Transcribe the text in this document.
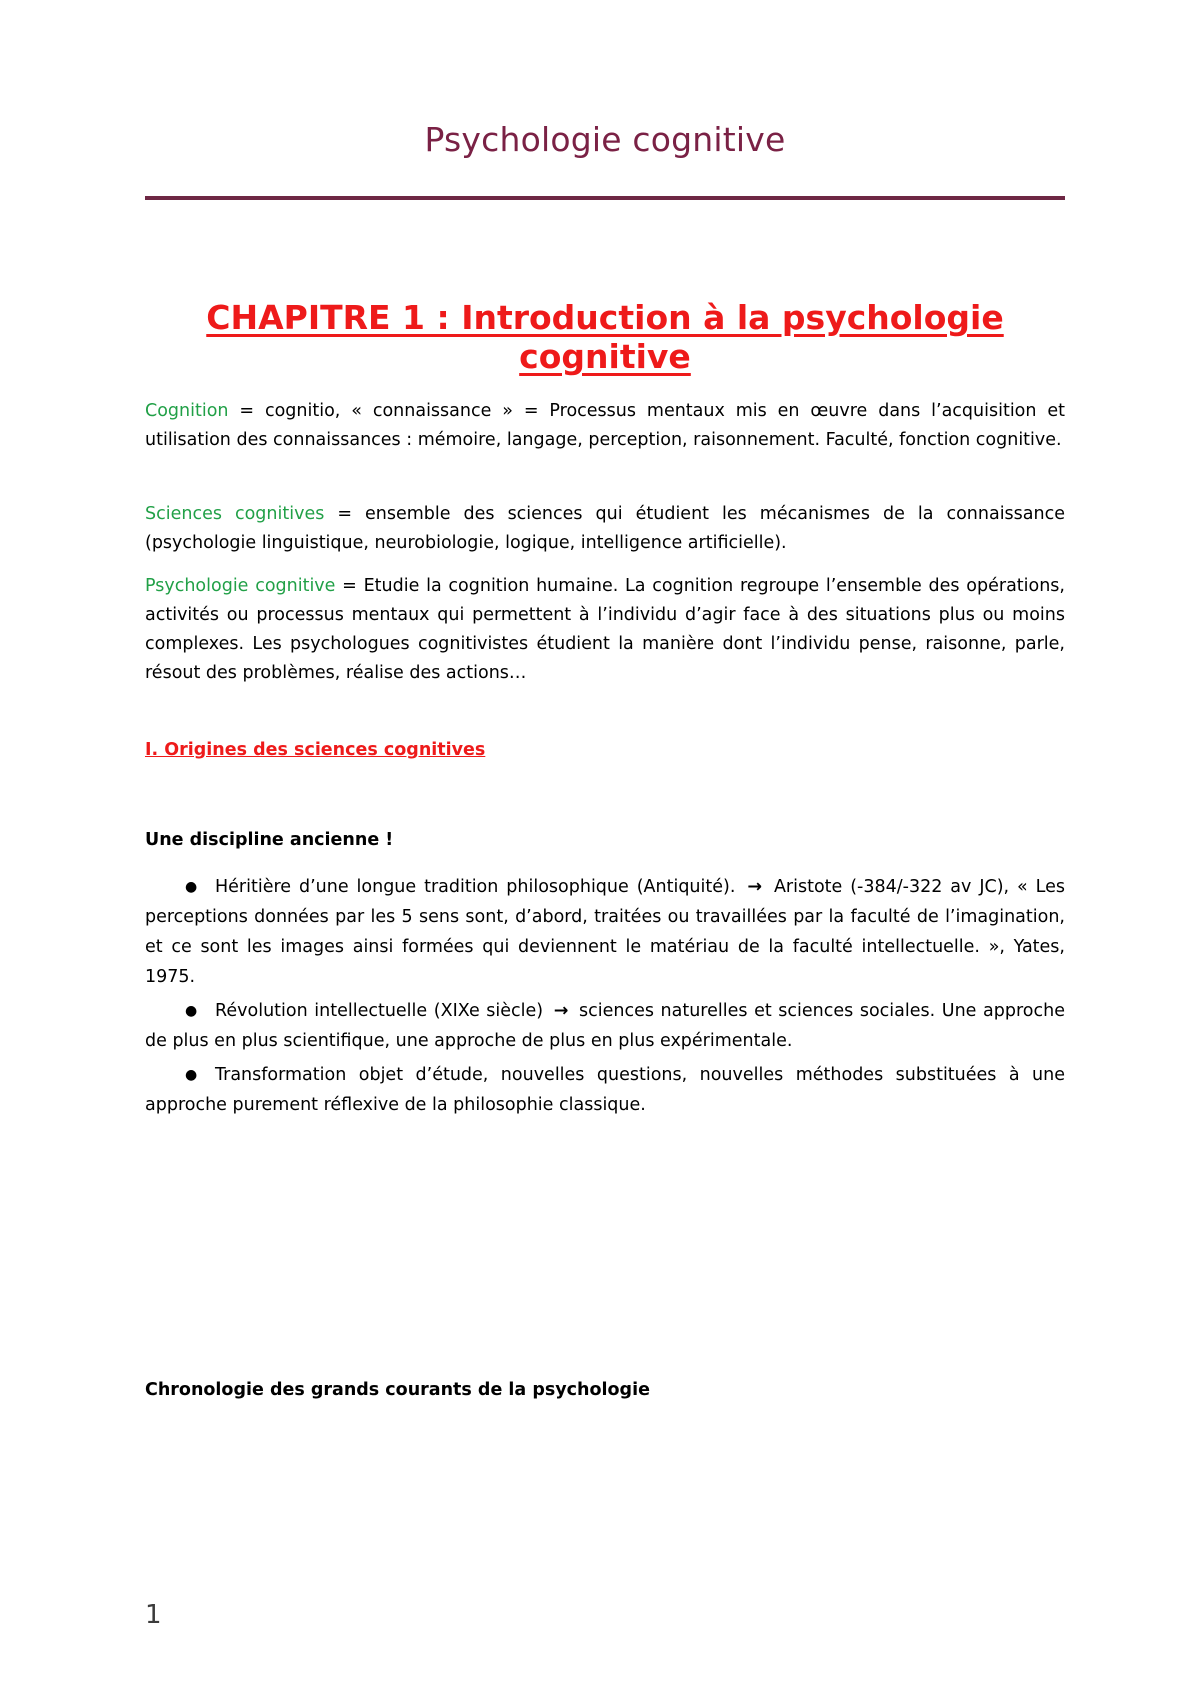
Psychologie cognitive
CHAPITRE 1 : Introduction à la psychologie cognitive
Cognition = cognitio, « connaissance » = Processus mentaux mis en œuvre dans l’acquisition et utilisation des connaissances : mémoire, langage, perception, raisonnement. Faculté, fonction cognitive.
Sciences cognitives = ensemble des sciences qui étudient les mécanismes de la connaissance (psychologie linguistique, neurobiologie, logique, intelligence artificielle).
Psychologie cognitive = Etudie la cognition humaine. La cognition regroupe l’ensemble des opérations, activités ou processus mentaux qui permettent à l’individu d’agir face à des situations plus ou moins complexes. Les psychologues cognitivistes étudient la manière dont l’individu pense, raisonne, parle, résout des problèmes, réalise des actions…
I. Origines des sciences cognitives
Une discipline ancienne !
● Héritière d’une longue tradition philosophique (Antiquité). → Aristote (-384/-322 av JC), « Les perceptions données par les 5 sens sont, d’abord, traitées ou travaillées par la faculté de l’imagination, et ce sont les images ainsi formées qui deviennent le matériau de la faculté intellectuelle. », Yates, 1975.
● Révolution intellectuelle (XIXe siècle) → sciences naturelles et sciences sociales. Une approche de plus en plus scientifique, une approche de plus en plus expérimentale.
● Transformation objet d’étude, nouvelles questions, nouvelles méthodes substituées à une approche purement réflexive de la philosophie classique.
Chronologie des grands courants de la psychologie
1
